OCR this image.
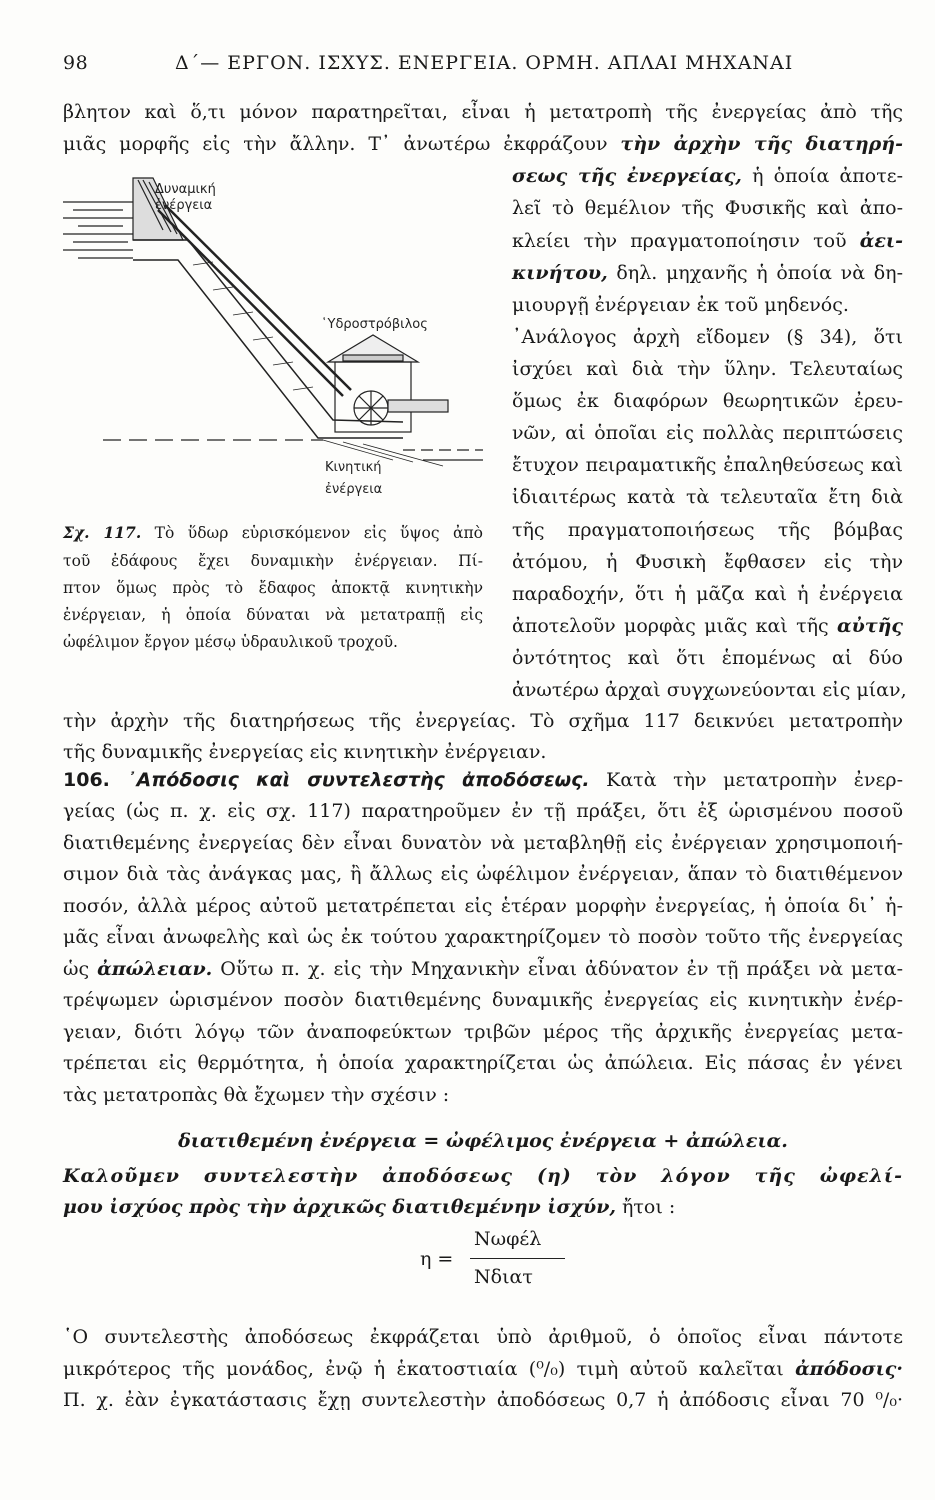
98	Δ΄— ΕΡΓΟΝ. ΙΣΧΥΣ. ΕΝΕΡΓΕΙΑ. ΟΡΜΗ. ΑΠΛΑΙ ΜΗΧΑΝΑΙ
βλητον καὶ ὅ,τι μόνον παρατηρεῖται, εἶναι ἡ μετατροπὴ τῆς ἐνεργείας ἀπὸ τῆς
μιᾶς μορφῆς εἰς τὴν ἄλλην. Τ᾽ ἀνωτέρω ἐκφράζουν τὴν ἀρχὴν τῆς διατηρή-
σεως τῆς ἐνεργείας, ἡ ὁποία ἀποτε-
λεῖ τὸ θεμέλιον τῆς Φυσικῆς καὶ ἀπο-
κλείει τὴν πραγματοποίησιν τοῦ ἀει-
κινήτου, δηλ. μηχανῆς ἡ ὁποία νὰ δη-
μιουργῇ ἐνέργειαν ἐκ τοῦ μηδενός.
᾿Ανάλογος ἀρχὴ εἴδομεν (§ 34), ὅτι
ἰσχύει καὶ διὰ τὴν ὕλην. Τελευταίως
ὅμως ἐκ διαφόρων θεωρητικῶν ἐρευ-
νῶν, αἱ ὁποῖαι εἰς πολλὰς περιπτώσεις
ἔτυχον πειραματικῆς ἐπαληθεύσεως καὶ
ἰδιαιτέρως κατὰ τὰ τελευταῖα ἔτη διὰ
τῆς πραγματοποιήσεως τῆς βόμβας
ἀτόμου, ἡ Φυσικὴ ἔφθασεν εἰς τὴν
παραδοχήν, ὅτι ἡ μᾶζα καὶ ἡ ἐνέργεια
ἀποτελοῦν μορφὰς μιᾶς καὶ τῆς αὐτῆς
ὀντότητος καὶ ὅτι ἑπομένως αἱ δύο
ἀνωτέρω ἀρχαὶ συγχωνεύονται εἰς μίαν,
τὴν ἀρχὴν τῆς διατηρήσεως τῆς ἐνεργείας. Τὸ σχῆμα 117 δεικνύει μετατροπὴν
τῆς δυναμικῆς ἐνεργείας εἰς κινητικὴν ἐνέργειαν.
Δυναμική
ἐνέργεια
῾Υδροστρόβιλος
Κινητική
ἐνέργεια
Σχ. 117. Τὸ ὕδωρ εὑρισκόμενον εἰς ὕψος ἀπὸ
τοῦ ἐδάφους ἔχει δυναμικὴν ἐνέργειαν. Πί-
πτον ὅμως πρὸς τὸ ἔδαφος ἀποκτᾷ κινητικὴν
ἐνέργειαν, ἡ ὁποία δύναται νὰ μετατραπῇ εἰς
ὠφέλιμον ἔργον μέσῳ ὑδραυλικοῦ τροχοῦ.
106. ᾿Απόδοσις καὶ συντελεστὴς ἀποδόσεως. Κατὰ τὴν μετατροπὴν ἐνερ-
γείας (ὡς π. χ. εἰς σχ. 117) παρατηροῦμεν ἐν τῇ πράξει, ὅτι ἐξ ὡρισμένου ποσοῦ
διατιθεμένης ἐνεργείας δὲν εἶναι δυνατὸν νὰ μεταβληθῇ εἰς ἐνέργειαν χρησιμοποιή-
σιμον διὰ τὰς ἀνάγκας μας, ἢ ἄλλως εἰς ὠφέλιμον ἐνέργειαν, ἅπαν τὸ διατιθέμενον
ποσόν, ἀλλὰ μέρος αὐτοῦ μετατρέπεται εἰς ἑτέραν μορφὴν ἐνεργείας, ἡ ὁποία δι᾽ ἡ-
μᾶς εἶναι ἀνωφελὴς καὶ ὡς ἐκ τούτου χαρακτηρίζομεν τὸ ποσὸν τοῦτο τῆς ἐνεργείας
ὡς ἀπώλειαν. Οὕτω π. χ. εἰς τὴν Μηχανικὴν εἶναι ἀδύνατον ἐν τῇ πράξει νὰ μετα-
τρέψωμεν ὡρισμένον ποσὸν διατιθεμένης δυναμικῆς ἐνεργείας εἰς κινητικὴν ἐνέρ-
γειαν, διότι λόγῳ τῶν ἀναποφεύκτων τριβῶν μέρος τῆς ἀρχικῆς ἐνεργείας μετα-
τρέπεται εἰς θερμότητα, ἡ ὁποία χαρακτηρίζεται ὡς ἀπώλεια. Εἰς πάσας ἐν γένει
τὰς μετατροπὰς θὰ ἔχωμεν τὴν σχέσιν :
διατιθεμένη ἐνέργεια = ὠφέλιμος ἐνέργεια + ἀπώλεια.
Καλοῦμεν συντελεστὴν ἀποδόσεως (η) τὸν λόγον τῆς ὠφελί-
μου ἰσχύος πρὸς τὴν ἀρχικῶς διατιθεμένην ἰσχύν, ἤτοι :
η =
Nωφέλ
Nδιατ
῾Ο συντελεστὴς ἀποδόσεως ἐκφράζεται ὑπὸ ἀριθμοῦ, ὁ ὁποῖος εἶναι πάντοτε
μικρότερος τῆς μονάδος, ἐνῷ ἡ ἑκατοστιαία (⁰/₀) τιμὴ αὐτοῦ καλεῖται ἀπόδοσις·
Π. χ. ἐὰν ἐγκατάστασις ἔχῃ συντελεστὴν ἀποδόσεως 0,7 ἡ ἀπόδοσις εἶναι 70 ⁰/₀·
